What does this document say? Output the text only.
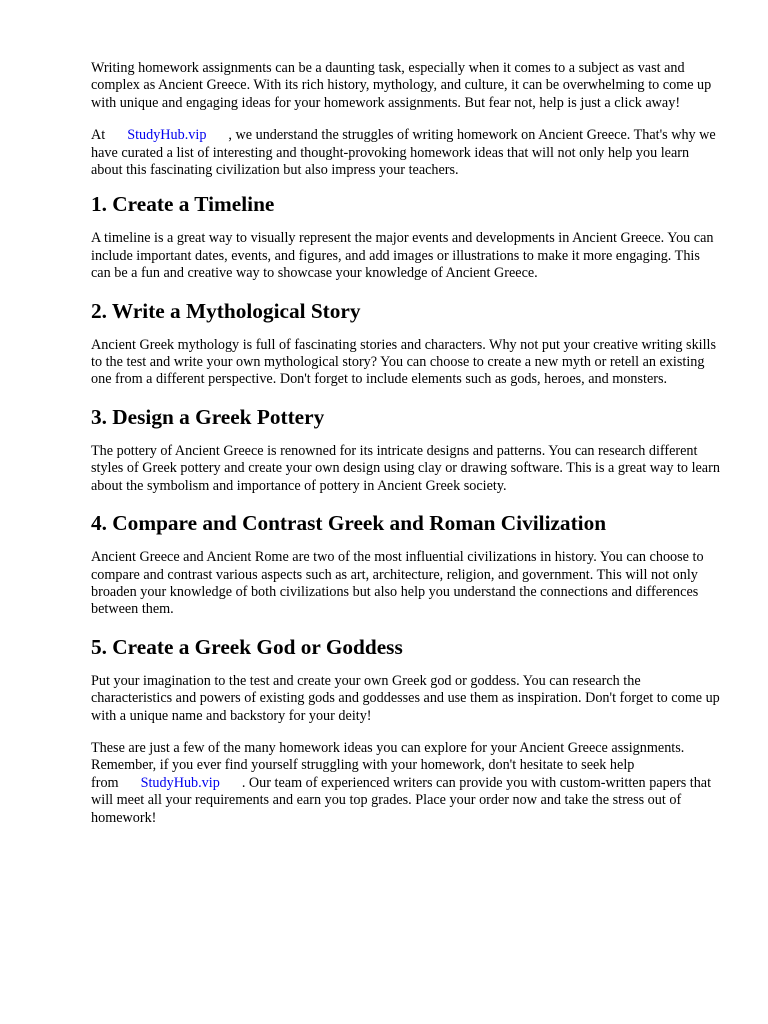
Writing homework assignments can be a daunting task, especially when it comes to a subject as vast and complex as Ancient Greece. With its rich history, mythology, and culture, it can be overwhelming to come up with unique and engaging ideas for your homework assignments. But fear not, help is just a click away!

At StudyHub.vip , we understand the struggles of writing homework on Ancient Greece. That's why we have curated a list of interesting and thought-provoking homework ideas that will not only help you learn about this fascinating civilization but also impress your teachers.

1. Create a Timeline

A timeline is a great way to visually represent the major events and developments in Ancient Greece. You can include important dates, events, and figures, and add images or illustrations to make it more engaging. This can be a fun and creative way to showcase your knowledge of Ancient Greece.

2. Write a Mythological Story

Ancient Greek mythology is full of fascinating stories and characters. Why not put your creative writing skills to the test and write your own mythological story? You can choose to create a new myth or retell an existing one from a different perspective. Don't forget to include elements such as gods, heroes, and monsters.

3. Design a Greek Pottery

The pottery of Ancient Greece is renowned for its intricate designs and patterns. You can research different styles of Greek pottery and create your own design using clay or drawing software. This is a great way to learn about the symbolism and importance of pottery in Ancient Greek society.

4. Compare and Contrast Greek and Roman Civilization

Ancient Greece and Ancient Rome are two of the most influential civilizations in history. You can choose to compare and contrast various aspects such as art, architecture, religion, and government. This will not only broaden your knowledge of both civilizations but also help you understand the connections and differences between them.

5. Create a Greek God or Goddess

Put your imagination to the test and create your own Greek god or goddess. You can research the characteristics and powers of existing gods and goddesses and use them as inspiration. Don't forget to come up with a unique name and backstory for your deity!

These are just a few of the many homework ideas you can explore for your Ancient Greece assignments. Remember, if you ever find yourself struggling with your homework, don't hesitate to seek help from StudyHub.vip . Our team of experienced writers can provide you with custom-written papers that will meet all your requirements and earn you top grades. Place your order now and take the stress out of homework!
